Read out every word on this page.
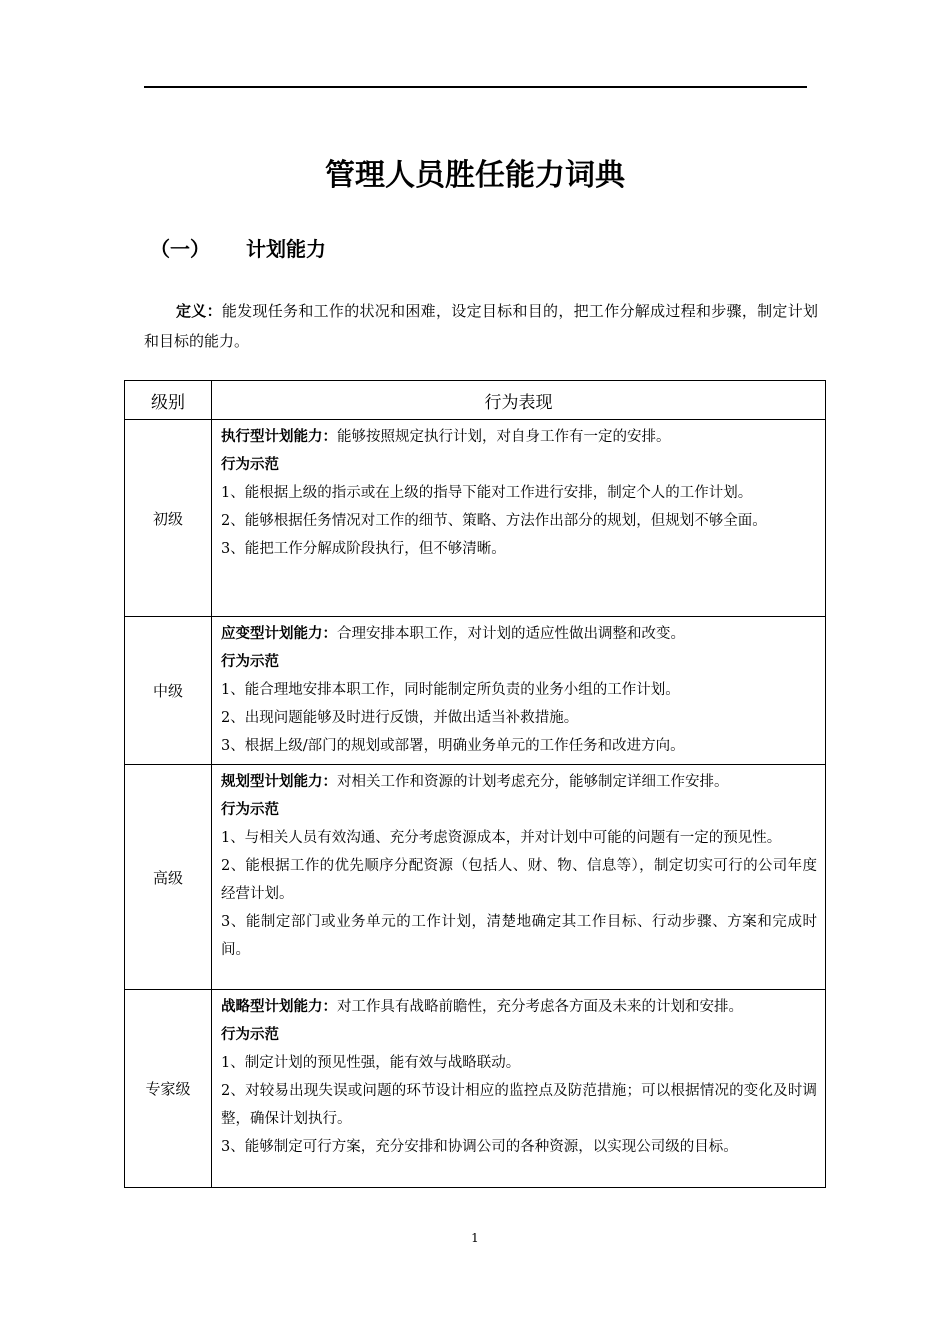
管理人员胜任能力词典
（一） 计划能力
定义：能发现任务和工作的状况和困难，设定目标和目的，把工作分解成过程和步骤，制定计划和目标的能力。
级别	行为表现
初级	执行型计划能力：能够按照规定执行计划，对自身工作有一定的安排。
行为示范
1、能根据上级的指示或在上级的指导下能对工作进行安排，制定个人的工作计划。
2、能够根据任务情况对工作的细节、策略、方法作出部分的规划，但规划不够全面。
3、能把工作分解成阶段执行，但不够清晰。

中级	应变型计划能力：合理安排本职工作，对计划的适应性做出调整和改变。
行为示范
1、能合理地安排本职工作，同时能制定所负责的业务小组的工作计划。
2、出现问题能够及时进行反馈，并做出适当补救措施。
3、根据上级/部门的规划或部署，明确业务单元的工作任务和改进方向。

高级	规划型计划能力：对相关工作和资源的计划考虑充分，能够制定详细工作安排。
行为示范
1、与相关人员有效沟通、充分考虑资源成本，并对计划中可能的问题有一定的预见性。
2、能根据工作的优先顺序分配资源（包括人、财、物、信息等），制定切实可行的公司年度经营计划。
3、能制定部门或业务单元的工作计划，清楚地确定其工作目标、行动步骤、方案和完成时间。

专家级	战略型计划能力：对工作具有战略前瞻性，充分考虑各方面及未来的计划和安排。
行为示范
1、制定计划的预见性强，能有效与战略联动。
2、对较易出现失误或问题的环节设计相应的监控点及防范措施；可以根据情况的变化及时调整，确保计划执行。
3、能够制定可行方案，充分安排和协调公司的各种资源，以实现公司级的目标。
1
